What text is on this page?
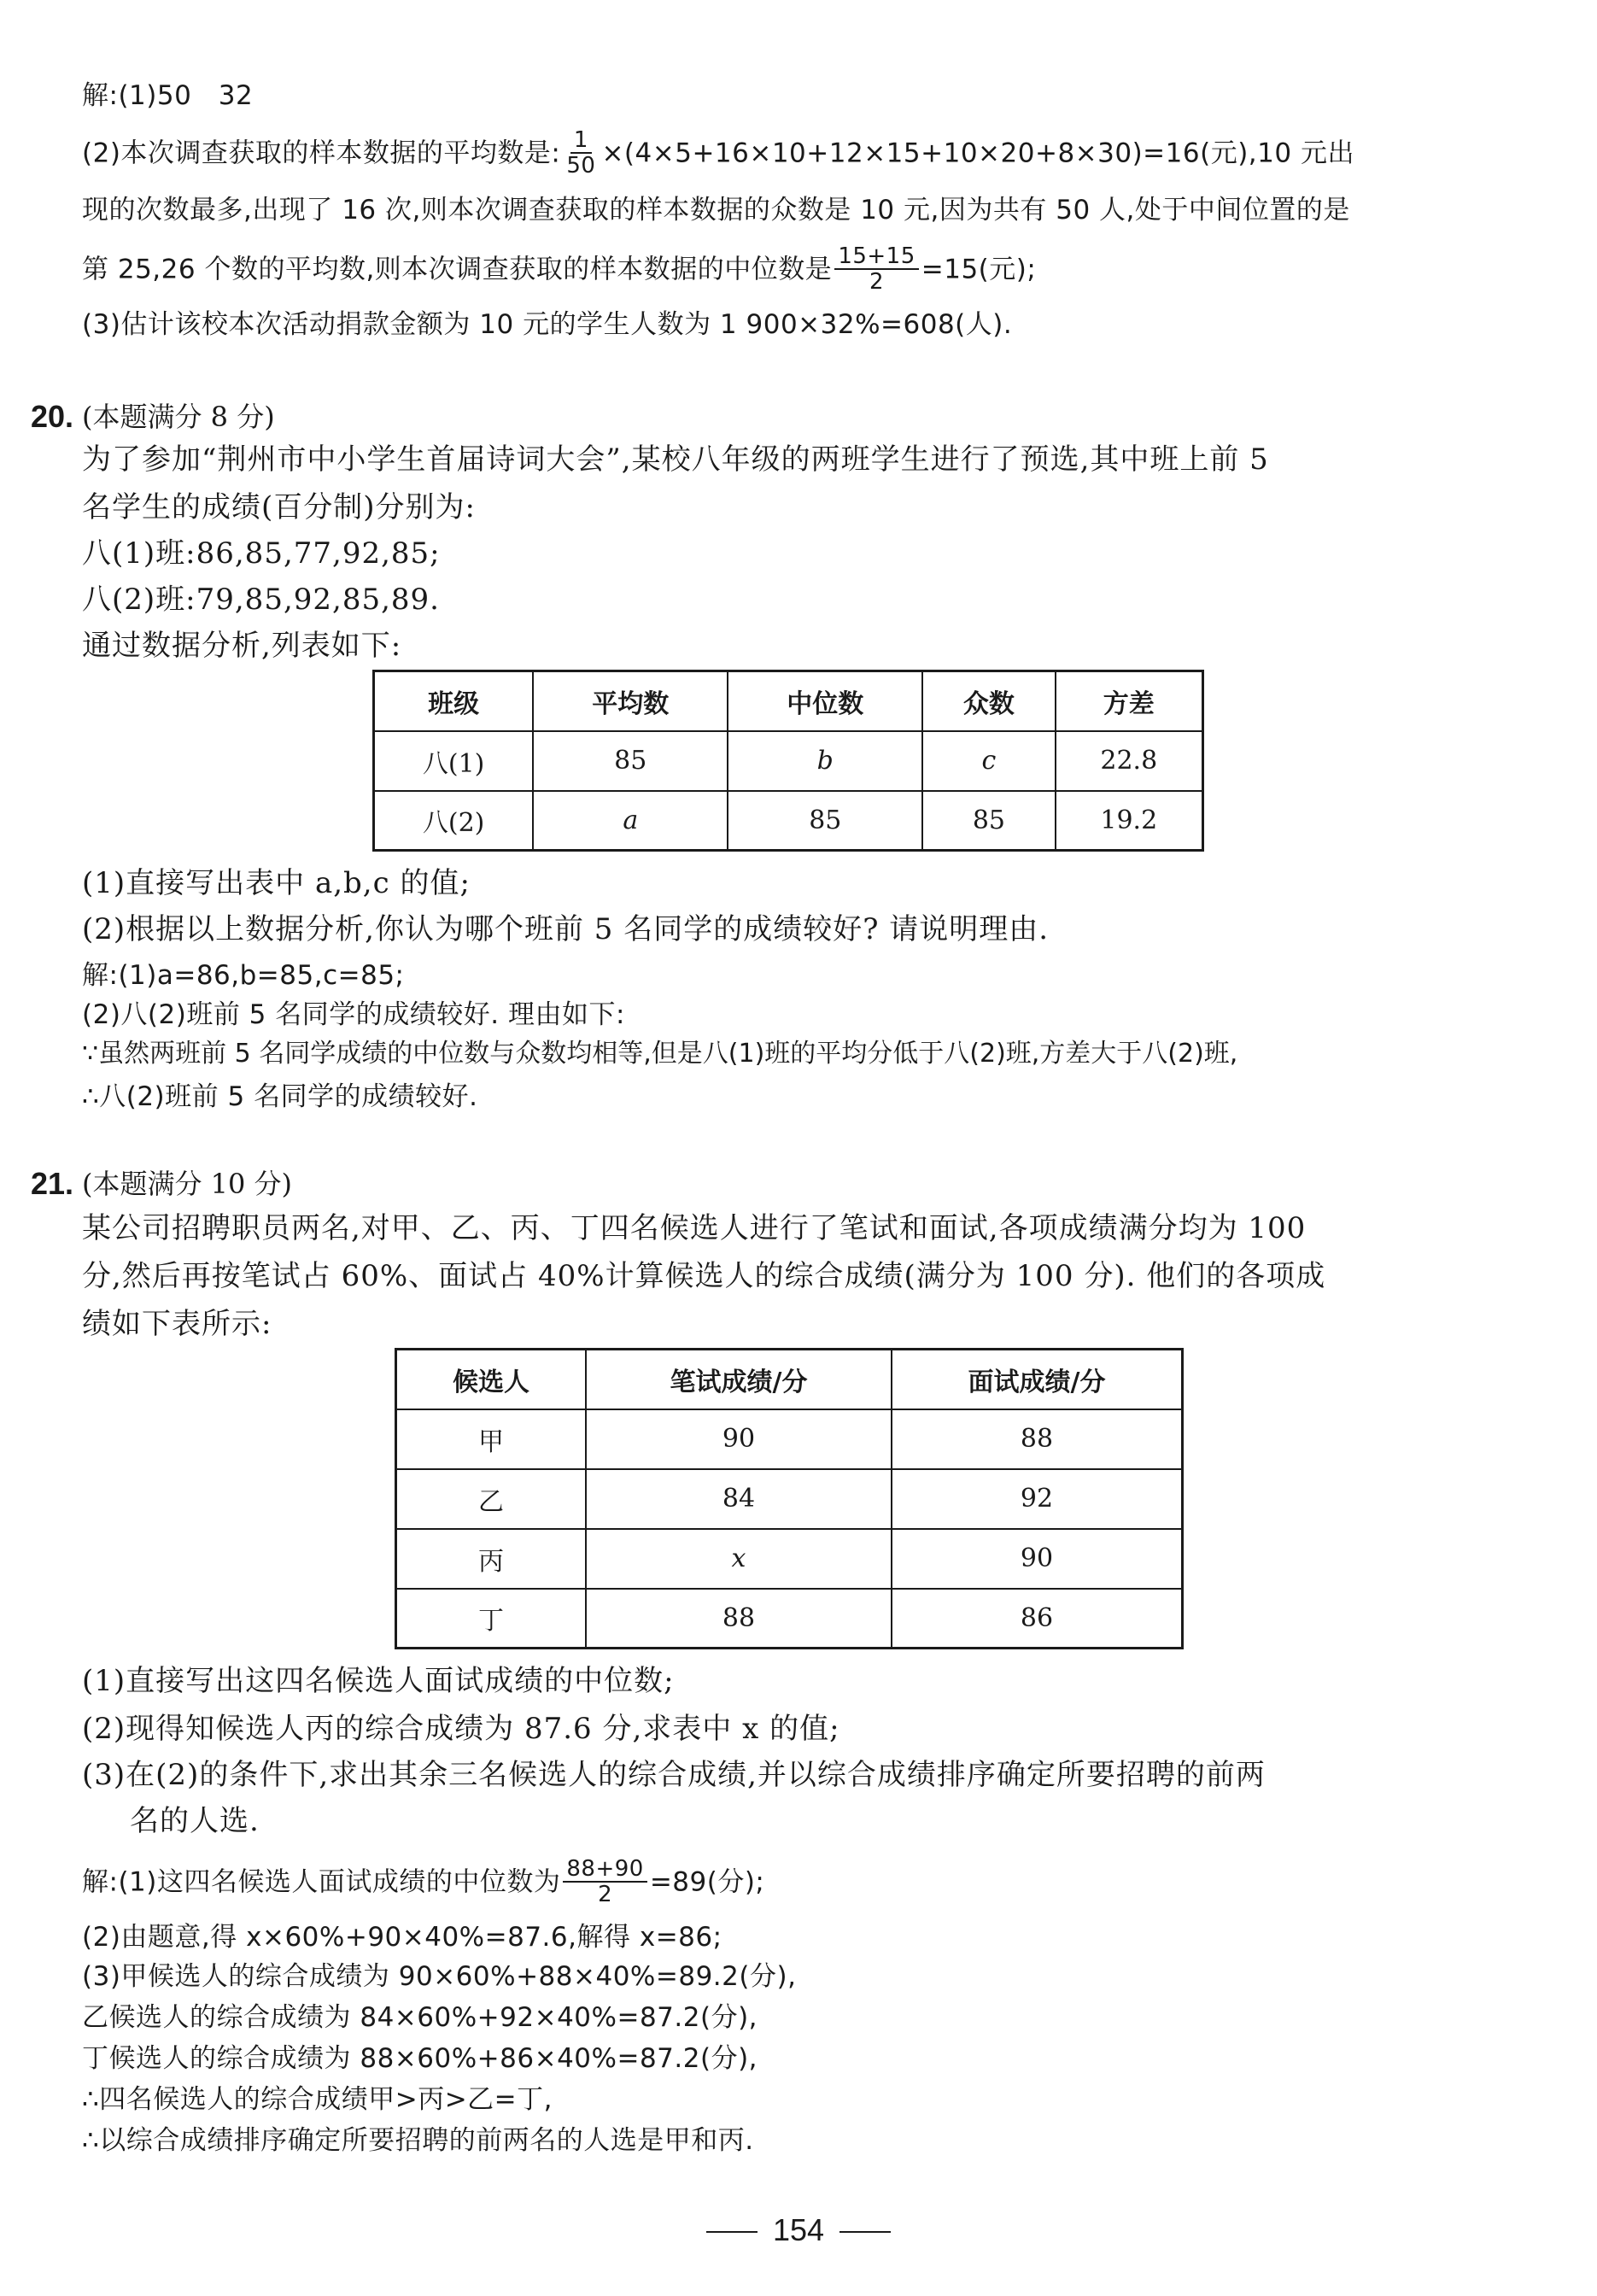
解:(1)50　32
(2)本次调查获取的样本数据的平均数是: $\frac{1}{50} \times(4\times 5+16\times 10+12\times 15+10\times 20+8\times 30)=16$(元),10 元出
现的次数最多,出现了 16 次,则本次调查获取的样本数据的众数是 10 元,因为共有 50 人,处于中间位置的是
第 25,26 个数的平均数,则本次调查获取的样本数据的中位数是 $\frac{15+15}{2} =15$(元);
(3)估计该校本次活动捐款金额为 10 元的学生人数为 1 900×32%=608(人).
20. (本题满分 8 分)
为了参加“荆州市中小学生首届诗词大会”,某校八年级的两班学生进行了预选,其中班上前 5
名学生的成绩(百分制)分别为:
八(1)班:86,85,77,92,85;
八(2)班:79,85,92,85,89.
通过数据分析,列表如下:
班级	平均数	中位数	众数	方差
八(1)	85	b	c	22.8
八(2)	a	85	85	19.2
(1)直接写出表中 a,b,c 的值;
(2)根据以上数据分析,你认为哪个班前 5 名同学的成绩较好? 请说明理由.
解:(1)a=86,b=85,c=85;
(2)八(2)班前 5 名同学的成绩较好. 理由如下:
∵虽然两班前 5 名同学成绩的中位数与众数均相等,但是八(1)班的平均分低于八(2)班,方差大于八(2)班,
∴八(2)班前 5 名同学的成绩较好.
21. (本题满分 10 分)
某公司招聘职员两名,对甲、乙、丙、丁四名候选人进行了笔试和面试,各项成绩满分均为 100
分,然后再按笔试占 60%、面试占 40%计算候选人的综合成绩(满分为 100 分). 他们的各项成
绩如下表所示:
候选人	笔试成绩/分	面试成绩/分
甲	90	88
乙	84	92
丙	x	90
丁	88	86
(1)直接写出这四名候选人面试成绩的中位数;
(2)现得知候选人丙的综合成绩为 87.6 分,求表中 x 的值;
(3)在(2)的条件下,求出其余三名候选人的综合成绩,并以综合成绩排序确定所要招聘的前两
名的人选.
解:(1)这四名候选人面试成绩的中位数为 $\frac{88+90}{2} =89$(分);
(2)由题意,得 x×60%+90×40%=87.6,解得 x=86;
(3)甲候选人的综合成绩为 90×60%+88×40%=89.2(分),
乙候选人的综合成绩为 84×60%+92×40%=87.2(分),
丁候选人的综合成绩为 88×60%+86×40%=87.2(分),
∴四名候选人的综合成绩甲>丙>乙=丁,
∴以综合成绩排序确定所要招聘的前两名的人选是甲和丙.
154
